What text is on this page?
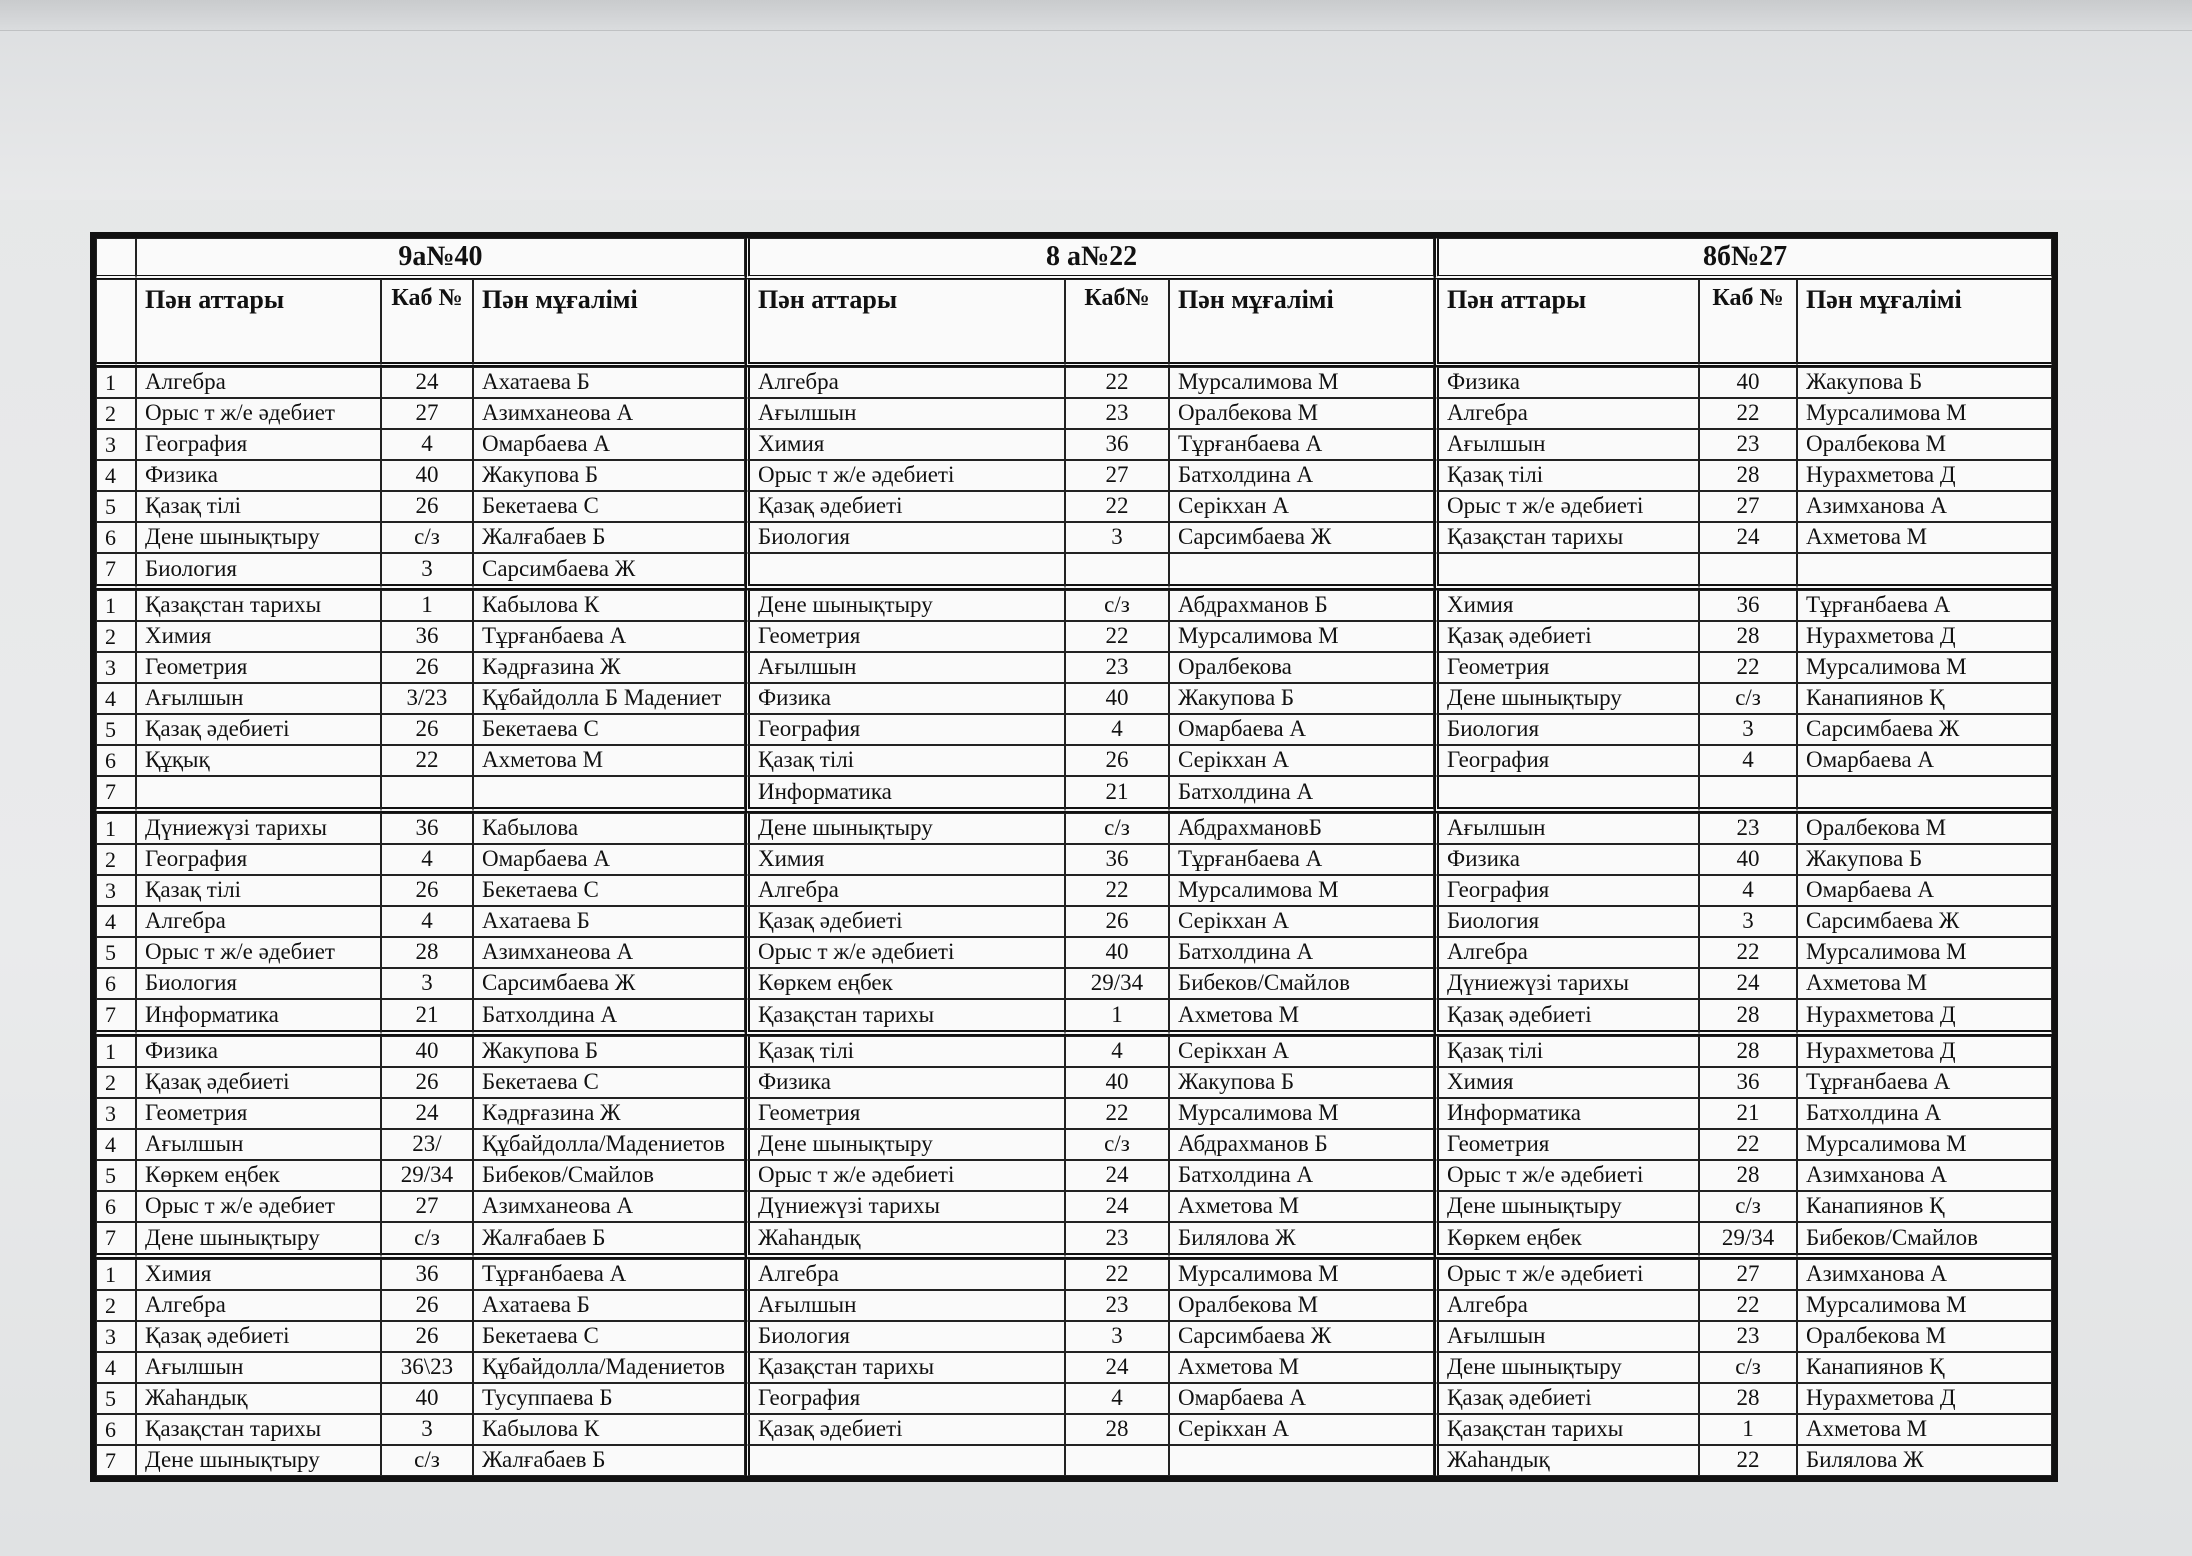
	9а№40			8 а№22			8б№27		
	Пән аттары	Каб №	Пән мұғалімі	Пән аттары	Каб№	Пән мұғалімі	Пән аттары	Каб №	Пән мұғалімі
1	Алгебра	24	Ахатаева Б	Алгебра	22	Мурсалимова М	Физика	40	Жакупова Б
2	Орыс т ж/е әдебиет	27	Азимханеова А	Ағылшын	23	Оралбекова М	Алгебра	22	Мурсалимова М
3	География	4	Омарбаева А	Химия	36	Тұрғанбаева А	Ағылшын	23	Оралбекова М
4	Физика	40	Жакупова Б	Орыс т ж/е әдебиеті	27	Батхолдина А	Қазақ тілі	28	Нурахметова Д
5	Қазақ тілі	26	Бекетаева С	Қазақ әдебиеті	22	Серікхан А	Орыс т ж/е әдебиеті	27	Азимханова А
6	Дене шынықтыру	с/з	Жалғабаев Б	Биология	3	Сарсимбаева Ж	Қазақстан тарихы	24	Ахметова М
7	Биология	3	Сарсимбаева Ж						
1	Қазақстан тарихы	1	Кабылова К	Дене шынықтыру	с/з	Абдрахманов Б	Химия	36	Тұрғанбаева А
2	Химия	36	Тұрғанбаева А	Геометрия	22	Мурсалимова М	Қазақ әдебиеті	28	Нурахметова Д
3	Геометрия	26	Кәдрғазина Ж	Ағылшын	23	Оралбекова	Геометрия	22	Мурсалимова М
4	Ағылшын	3/23	Құбайдолла Б Мадениет	Физика	40	Жакупова Б	Дене шынықтыру	с/з	Канапиянов Қ
5	Қазақ әдебиеті	26	Бекетаева С	География	4	Омарбаева А	Биология	3	Сарсимбаева Ж
6	Құқық	22	Ахметова М	Қазақ тілі	26	Серікхан А	География	4	Омарбаева А
7				Информатика	21	Батхолдина А			
1	Дүниежүзі тарихы	36	Кабылова	Дене шынықтыру	с/з	АбдрахмановБ	Ағылшын	23	Оралбекова М
2	География	4	Омарбаева А	Химия	36	Тұрғанбаева А	Физика	40	Жакупова Б
3	Қазақ тілі	26	Бекетаева С	Алгебра	22	Мурсалимова М	География	4	Омарбаева А
4	Алгебра	4	Ахатаева Б	Қазақ әдебиеті	26	Серікхан А	Биология	3	Сарсимбаева Ж
5	Орыс т ж/е әдебиет	28	Азимханеова А	Орыс т ж/е әдебиеті	40	Батхолдина А	Алгебра	22	Мурсалимова М
6	Биология	3	Сарсимбаева Ж	Көркем еңбек	29/34	Бибеков/Смайлов	Дүниежүзі тарихы	24	Ахметова М
7	Информатика	21	Батхолдина А	Қазақстан тарихы	1	Ахметова М	Қазақ әдебиеті	28	Нурахметова Д
1	Физика	40	Жакупова Б	Қазақ тілі	4	Серікхан А	Қазақ тілі	28	Нурахметова Д
2	Қазақ әдебиеті	26	Бекетаева С	Физика	40	Жакупова Б	Химия	36	Тұрғанбаева А
3	Геометрия	24	Кәдрғазина Ж	Геометрия	22	Мурсалимова М	Информатика	21	Батхолдина А
4	Ағылшын	23/	Құбайдолла/Мадениетов	Дене шынықтыру	с/з	Абдрахманов Б	Геометрия	22	Мурсалимова М
5	Көркем еңбек	29/34	Бибеков/Смайлов	Орыс т ж/е әдебиеті	24	Батхолдина А	Орыс т ж/е әдебиеті	28	Азимханова А
6	Орыс т ж/е әдебиет	27	Азимханеова А	Дүниежүзі тарихы	24	Ахметова М	Дене шынықтыру	с/з	Канапиянов Қ
7	Дене шынықтыру	с/з	Жалғабаев Б	Жаһандық	23	Билялова Ж	Көркем еңбек	29/34	Бибеков/Смайлов
1	Химия	36	Тұрғанбаева А	Алгебра	22	Мурсалимова М	Орыс т ж/е әдебиеті	27	Азимханова А
2	Алгебра	26	Ахатаева Б	Ағылшын	23	Оралбекова М	Алгебра	22	Мурсалимова М
3	Қазақ әдебиеті	26	Бекетаева С	Биология	3	Сарсимбаева Ж	Ағылшын	23	Оралбекова М
4	Ағылшын	36\23	Құбайдолла/Мадениетов	Қазақстан тарихы	24	Ахметова М	Дене шынықтыру	с/з	Канапиянов Қ
5	Жаһандық	40	Тусуппаева Б	География	4	Омарбаева А	Қазақ әдебиеті	28	Нурахметова Д
6	Қазақстан тарихы	3	Кабылова К	Қазақ әдебиеті	28	Серікхан А	Қазақстан тарихы	1	Ахметова М
7	Дене шынықтыру	с/з	Жалғабаев Б				Жаһандық	22	Билялова Ж
